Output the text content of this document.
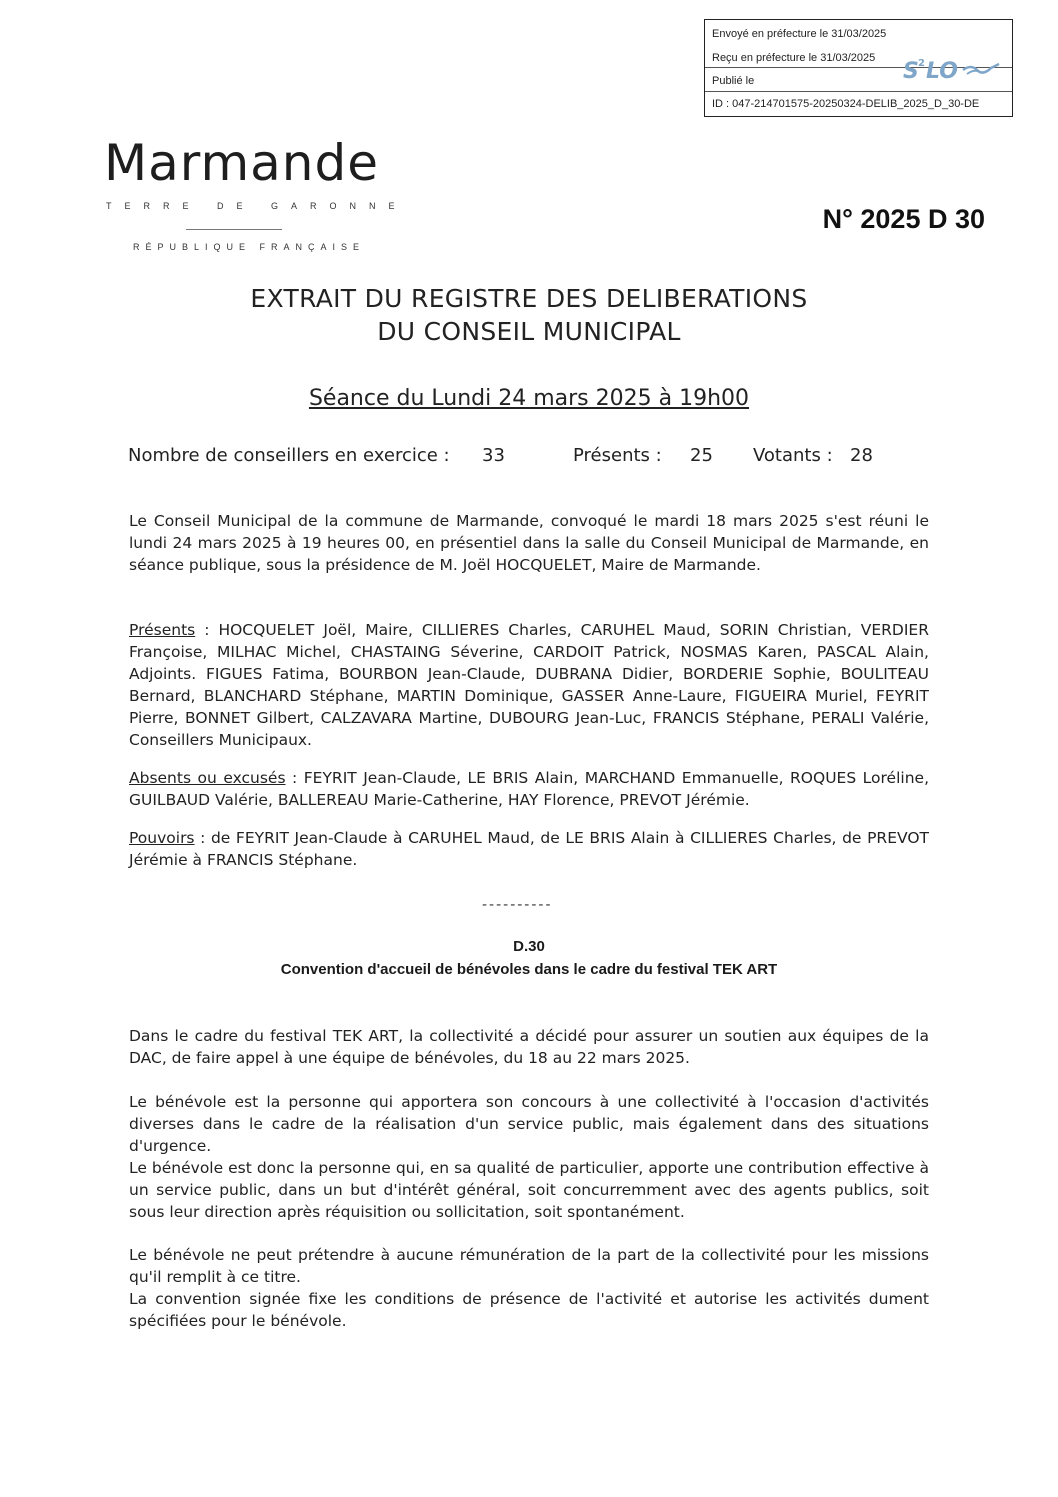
Envoyé en préfecture le 31/03/2025
Reçu en préfecture le 31/03/2025
Publié le
ID : 047-214701575-20250324-DELIB_2025_D_30-DE
S 2 LO
Marmande
TERRE DE GARONNE
RÉPUBLIQUE FRANÇAISE
N° 2025 D 30
EXTRAIT DU REGISTRE DES DELIBERATIONS
DU CONSEIL MUNICIPAL
Séance du Lundi 24 mars 2025 à 19h00
Nombre de conseillers en exercice : 33	Présents : 25 Votants : 28
Le Conseil Municipal de la commune de Marmande, convoqué le mardi 18 mars 2025 s'est réuni le lundi 24 mars 2025 à 19 heures 00, en présentiel dans la salle du Conseil Municipal de Marmande, en séance publique, sous la présidence de M. Joël HOCQUELET, Maire de Marmande.
Présents : HOCQUELET Joël, Maire, CILLIERES Charles, CARUHEL Maud, SORIN Christian, VERDIER Françoise, MILHAC Michel, CHASTAING Séverine, CARDOIT Patrick, NOSMAS Karen, PASCAL Alain, Adjoints. FIGUES Fatima, BOURBON Jean-Claude, DUBRANA Didier, BORDERIE Sophie, BOULITEAU Bernard, BLANCHARD Stéphane, MARTIN Dominique, GASSER Anne-Laure, FIGUEIRA Muriel, FEYRIT Pierre, BONNET Gilbert, CALZAVARA Martine, DUBOURG Jean-Luc, FRANCIS Stéphane, PERALI Valérie, Conseillers Municipaux.
Absents ou excusés : FEYRIT Jean-Claude, LE BRIS Alain, MARCHAND Emmanuelle, ROQUES Loréline, GUILBAUD Valérie, BALLEREAU Marie-Catherine, HAY Florence, PREVOT Jérémie.
Pouvoirs : de FEYRIT Jean-Claude à CARUHEL Maud, de LE BRIS Alain à CILLIERES Charles, de PREVOT Jérémie à FRANCIS Stéphane.
----------
D.30
Convention d'accueil de bénévoles dans le cadre du festival TEK ART
Dans le cadre du festival TEK ART, la collectivité a décidé pour assurer un soutien aux équipes de la DAC, de faire appel à une équipe de bénévoles, du 18 au 22 mars 2025.
Le bénévole est la personne qui apportera son concours à une collectivité à l'occasion d'activités diverses dans le cadre de la réalisation d'un service public, mais également dans des situations d'urgence.
Le bénévole est donc la personne qui, en sa qualité de particulier, apporte une contribution effective à un service public, dans un but d'intérêt général, soit concurremment avec des agents publics, soit sous leur direction après réquisition ou sollicitation, soit spontanément.
Le bénévole ne peut prétendre à aucune rémunération de la part de la collectivité pour les missions qu'il remplit à ce titre.
La convention signée fixe les conditions de présence de l'activité et autorise les activités dument spécifiées pour le bénévole.
